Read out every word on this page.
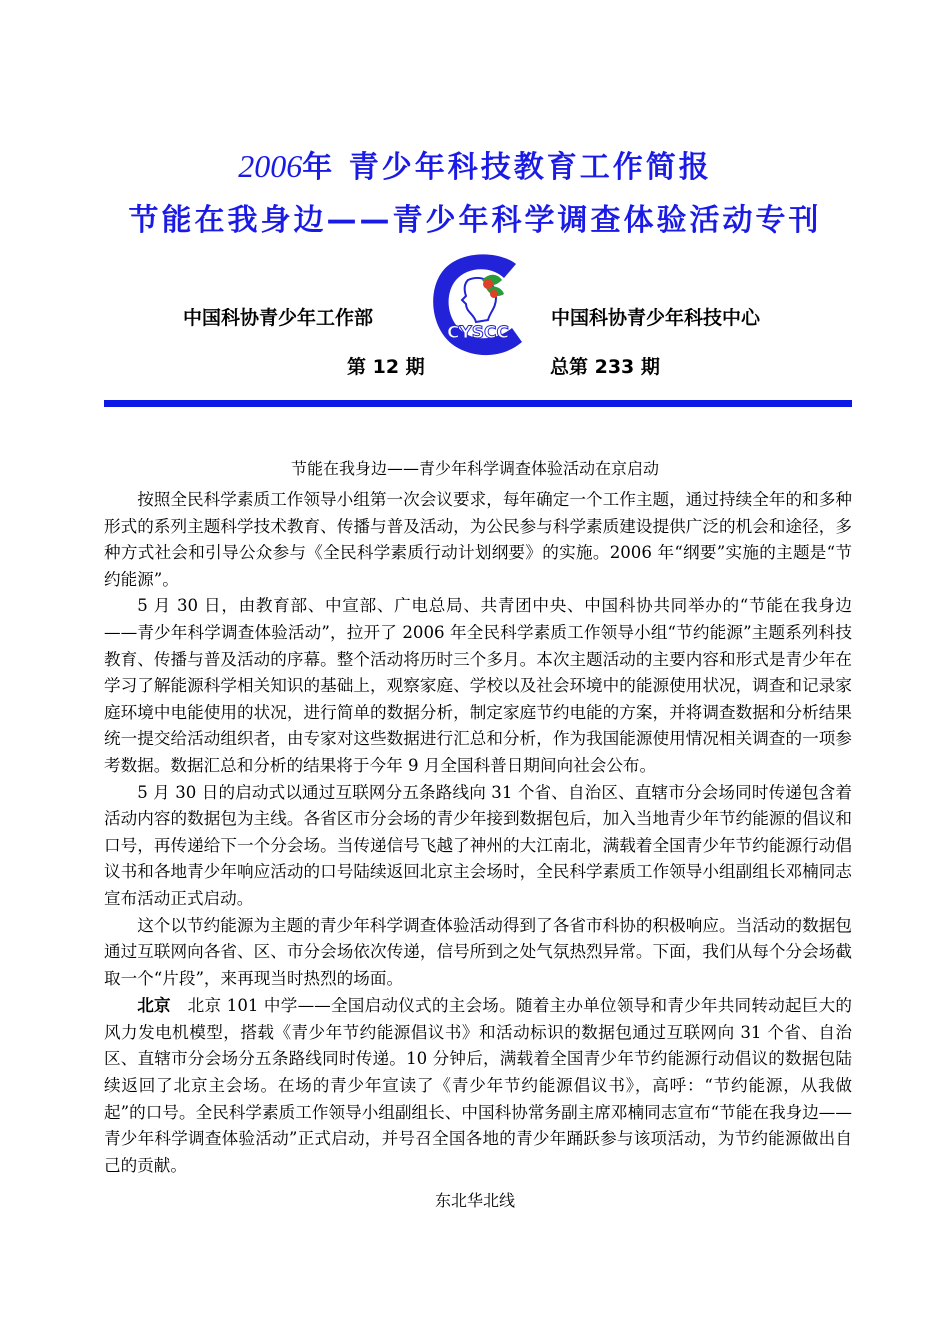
2006年 青少年科技教育工作简报
节能在我身边——青少年科学调查体验活动专刊
中国科协青少年工作部	中国科协青少年科技中心
CYSCC
第 12 期	总第 233 期
节能在我身边——青少年科学调查体验活动在京启动

按照全民科学素质工作领导小组第一次会议要求，每年确定一个工作主题，通过持续全年的和多种形式的系列主题科学技术教育、传播与普及活动，为公民参与科学素质建设提供广泛的机会和途径，多种方式社会和引导公众参与《全民科学素质行动计划纲要》的实施。2006 年“纲要”实施的主题是“节约能源”。

5 月 30 日，由教育部、中宣部、广电总局、共青团中央、中国科协共同举办的“节能在我身边——青少年科学调查体验活动”，拉开了 2006 年全民科学素质工作领导小组“节约能源”主题系列科技教育、传播与普及活动的序幕。整个活动将历时三个多月。本次主题活动的主要内容和形式是青少年在学习了解能源科学相关知识的基础上，观察家庭、学校以及社会环境中的能源使用状况，调查和记录家庭环境中电能使用的状况，进行简单的数据分析，制定家庭节约电能的方案，并将调查数据和分析结果统一提交给活动组织者，由专家对这些数据进行汇总和分析，作为我国能源使用情况相关调查的一项参考数据。数据汇总和分析的结果将于今年 9 月全国科普日期间向社会公布。

5 月 30 日的启动式以通过互联网分五条路线向 31 个省、自治区、直辖市分会场同时传递包含着活动内容的数据包为主线。各省区市分会场的青少年接到数据包后，加入当地青少年节约能源的倡议和口号，再传递给下一个分会场。当传递信号飞越了神州的大江南北，满载着全国青少年节约能源行动倡议书和各地青少年响应活动的口号陆续返回北京主会场时，全民科学素质工作领导小组副组长邓楠同志宣布活动正式启动。

这个以节约能源为主题的青少年科学调查体验活动得到了各省市科协的积极响应。当活动的数据包通过互联网向各省、区、市分会场依次传递，信号所到之处气氛热烈异常。下面，我们从每个分会场截取一个“片段”，来再现当时热烈的场面。

北京　北京 101 中学——全国启动仪式的主会场。随着主办单位领导和青少年共同转动起巨大的风力发电机模型，搭载《青少年节约能源倡议书》和活动标识的数据包通过互联网向 31 个省、自治区、直辖市分会场分五条路线同时传递。10 分钟后，满载着全国青少年节约能源行动倡议的数据包陆续返回了北京主会场。在场的青少年宣读了《青少年节约能源倡议书》，高呼：“节约能源，从我做起”的口号。全民科学素质工作领导小组副组长、中国科协常务副主席邓楠同志宣布“节能在我身边——青少年科学调查体验活动”正式启动，并号召全国各地的青少年踊跃参与该项活动，为节约能源做出自己的贡献。

东北华北线
